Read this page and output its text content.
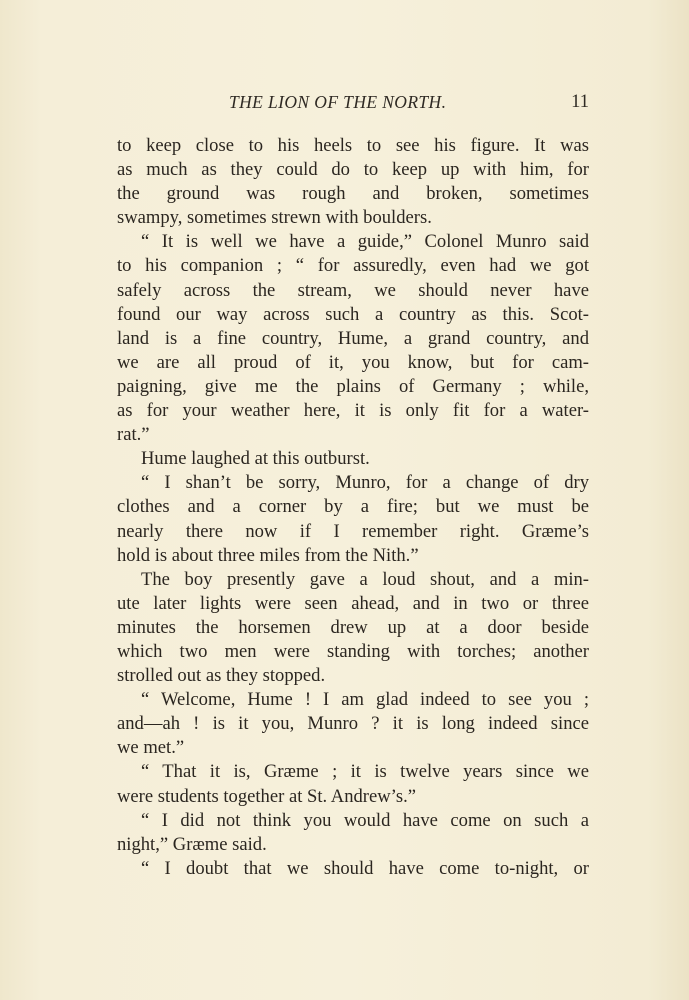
THE LION OF THE NORTH.	11
to keep close to his heels to see his figure. It was
as much as they could do to keep up with him, for
the ground was rough and broken, sometimes
swampy, sometimes strewn with boulders.
“ It is well we have a guide,” Colonel Munro said
to his companion ; “ for assuredly, even had we got
safely across the stream, we should never have
found our way across such a country as this. Scot-
land is a fine country, Hume, a grand country, and
we are all proud of it, you know, but for cam-
paigning, give me the plains of Germany ; while,
as for your weather here, it is only fit for a water-
rat.”
Hume laughed at this outburst.
“ I shan’t be sorry, Munro, for a change of dry
clothes and a corner by a fire; but we must be
nearly there now if I remember right. Græme’s
hold is about three miles from the Nith.”
The boy presently gave a loud shout, and a min-
ute later lights were seen ahead, and in two or three
minutes the horsemen drew up at a door beside
which two men were standing with torches; another
strolled out as they stopped.
“ Welcome, Hume ! I am glad indeed to see you ;
and—ah ! is it you, Munro ? it is long indeed since
we met.”
“ That it is, Græme ; it is twelve years since we
were students together at St. Andrew’s.”
“ I did not think you would have come on such a
night,” Græme said.
“ I doubt that we should have come to-night, or
